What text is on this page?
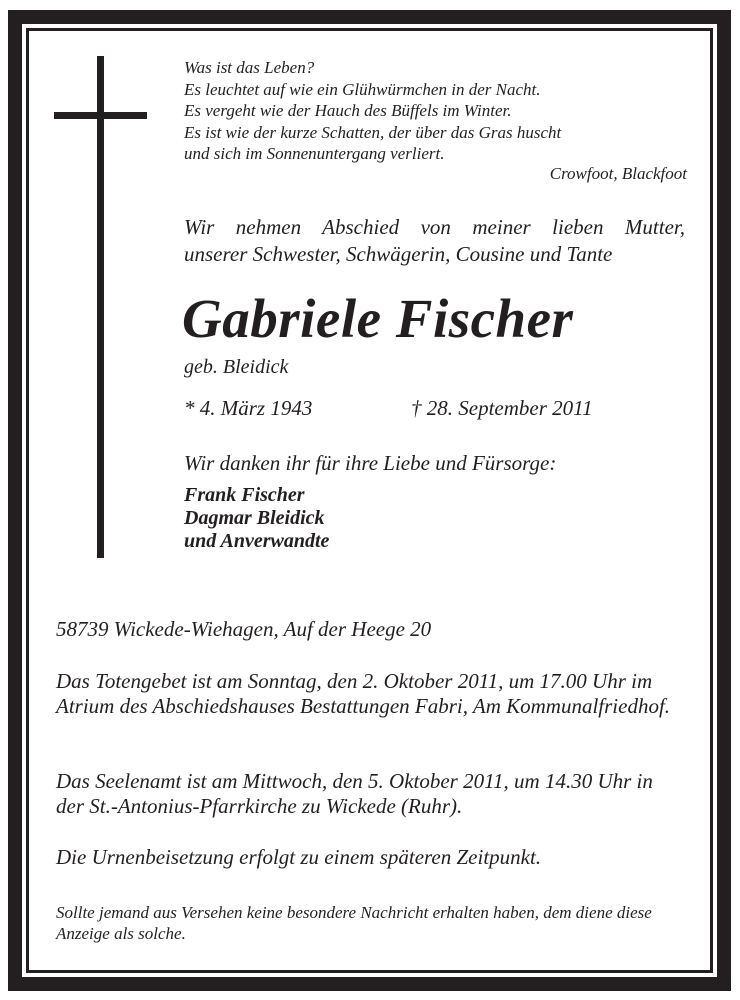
Was ist das Leben?
Es leuchtet auf wie ein Glühwürmchen in der Nacht.
Es vergeht wie der Hauch des Büffels im Winter.
Es ist wie der kurze Schatten, der über das Gras huscht
und sich im Sonnenuntergang verliert.
Crowfoot, Blackfoot
Wir nehmen Abschied von meiner lieben Mutter,
unserer Schwester, Schwägerin, Cousine und Tante
Gabriele Fischer
geb. Bleidick
* 4. März 1943	† 28. September 2011
Wir danken ihr für ihre Liebe und Fürsorge:
Frank Fischer
Dagmar Bleidick
und Anverwandte
58739 Wickede-Wiehagen, Auf der Heege 20
Das Totengebet ist am Sonntag, den 2. Oktober 2011, um 17.00 Uhr im Atrium des Abschiedshauses Bestattungen Fabri, Am Kommunalfriedhof.
Das Seelenamt ist am Mittwoch, den 5. Oktober 2011, um 14.30 Uhr in der St.-Antonius-Pfarrkirche zu Wickede (Ruhr).
Die Urnenbeisetzung erfolgt zu einem späteren Zeitpunkt.
Sollte jemand aus Versehen keine besondere Nachricht erhalten haben, dem diene diese Anzeige als solche.
